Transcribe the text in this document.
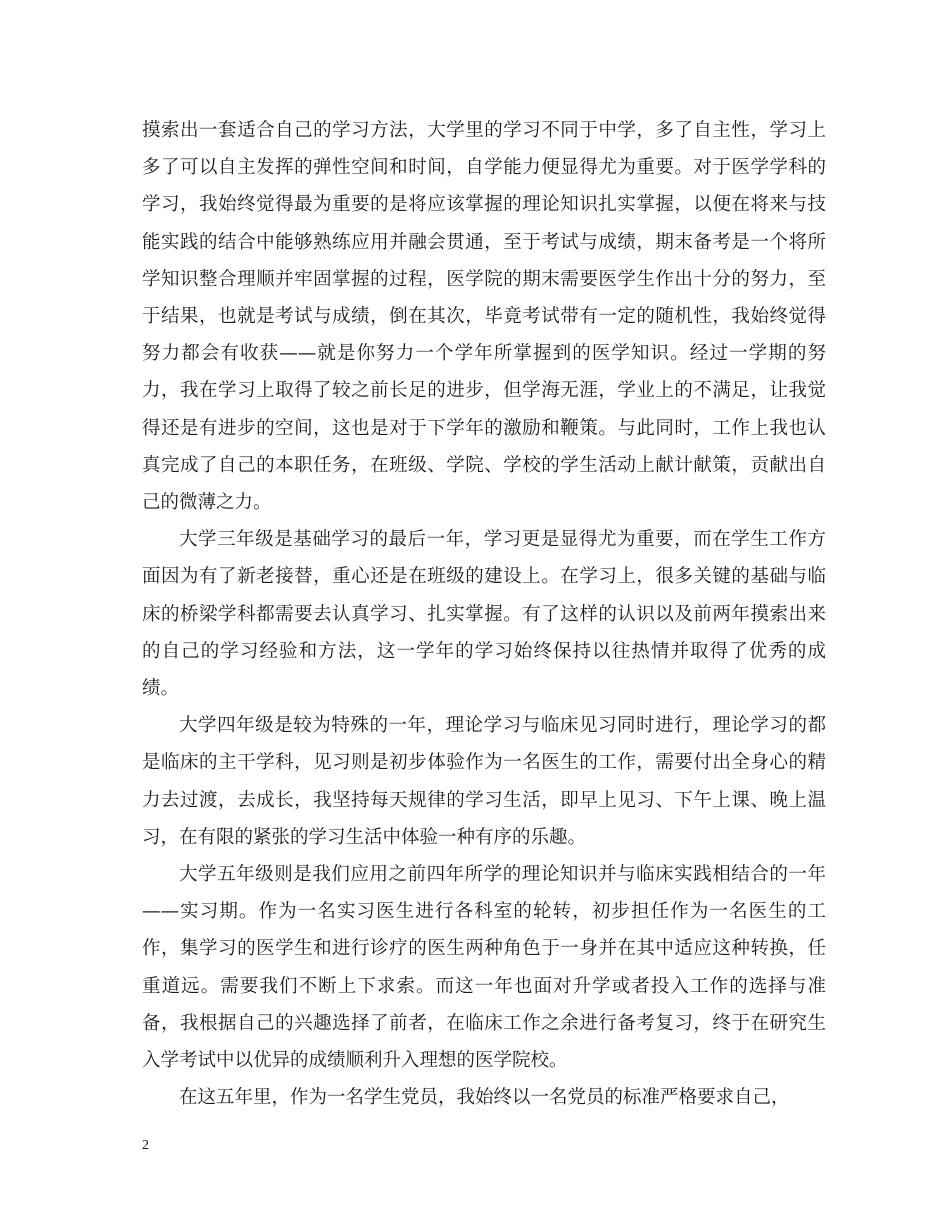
摸索出一套适合自己的学习方法，大学里的学习不同于中学，多了自主性，学习上多了可以自主发挥的弹性空间和时间，自学能力便显得尤为重要。对于医学学科的学习，我始终觉得最为重要的是将应该掌握的理论知识扎实掌握，以便在将来与技能实践的结合中能够熟练应用并融会贯通，至于考试与成绩，期末备考是一个将所学知识整合理顺并牢固掌握的过程，医学院的期末需要医学生作出十分的努力，至于结果，也就是考试与成绩，倒在其次，毕竟考试带有一定的随机性，我始终觉得努力都会有收获——就是你努力一个学年所掌握到的医学知识。经过一学期的努力，我在学习上取得了较之前长足的进步，但学海无涯，学业上的不满足，让我觉得还是有进步的空间，这也是对于下学年的激励和鞭策。与此同时，工作上我也认真完成了自己的本职任务，在班级、学院、学校的学生活动上献计献策，贡献出自己的微薄之力。

大学三年级是基础学习的最后一年，学习更是显得尤为重要，而在学生工作方面因为有了新老接替，重心还是在班级的建设上。在学习上，很多关键的基础与临床的桥梁学科都需要去认真学习、扎实掌握。有了这样的认识以及前两年摸索出来的自己的学习经验和方法，这一学年的学习始终保持以往热情并取得了优秀的成绩。

大学四年级是较为特殊的一年，理论学习与临床见习同时进行，理论学习的都是临床的主干学科，见习则是初步体验作为一名医生的工作，需要付出全身心的精力去过渡，去成长，我坚持每天规律的学习生活，即早上见习、下午上课、晚上温习，在有限的紧张的学习生活中体验一种有序的乐趣。

大学五年级则是我们应用之前四年所学的理论知识并与临床实践相结合的一年——实习期。作为一名实习医生进行各科室的轮转，初步担任作为一名医生的工作，集学习的医学生和进行诊疗的医生两种角色于一身并在其中适应这种转换，任重道远。需要我们不断上下求索。而这一年也面对升学或者投入工作的选择与准备，我根据自己的兴趣选择了前者，在临床工作之余进行备考复习，终于在研究生入学考试中以优异的成绩顺利升入理想的医学院校。

在这五年里，作为一名学生党员，我始终以一名党员的标准严格要求自己，

2
